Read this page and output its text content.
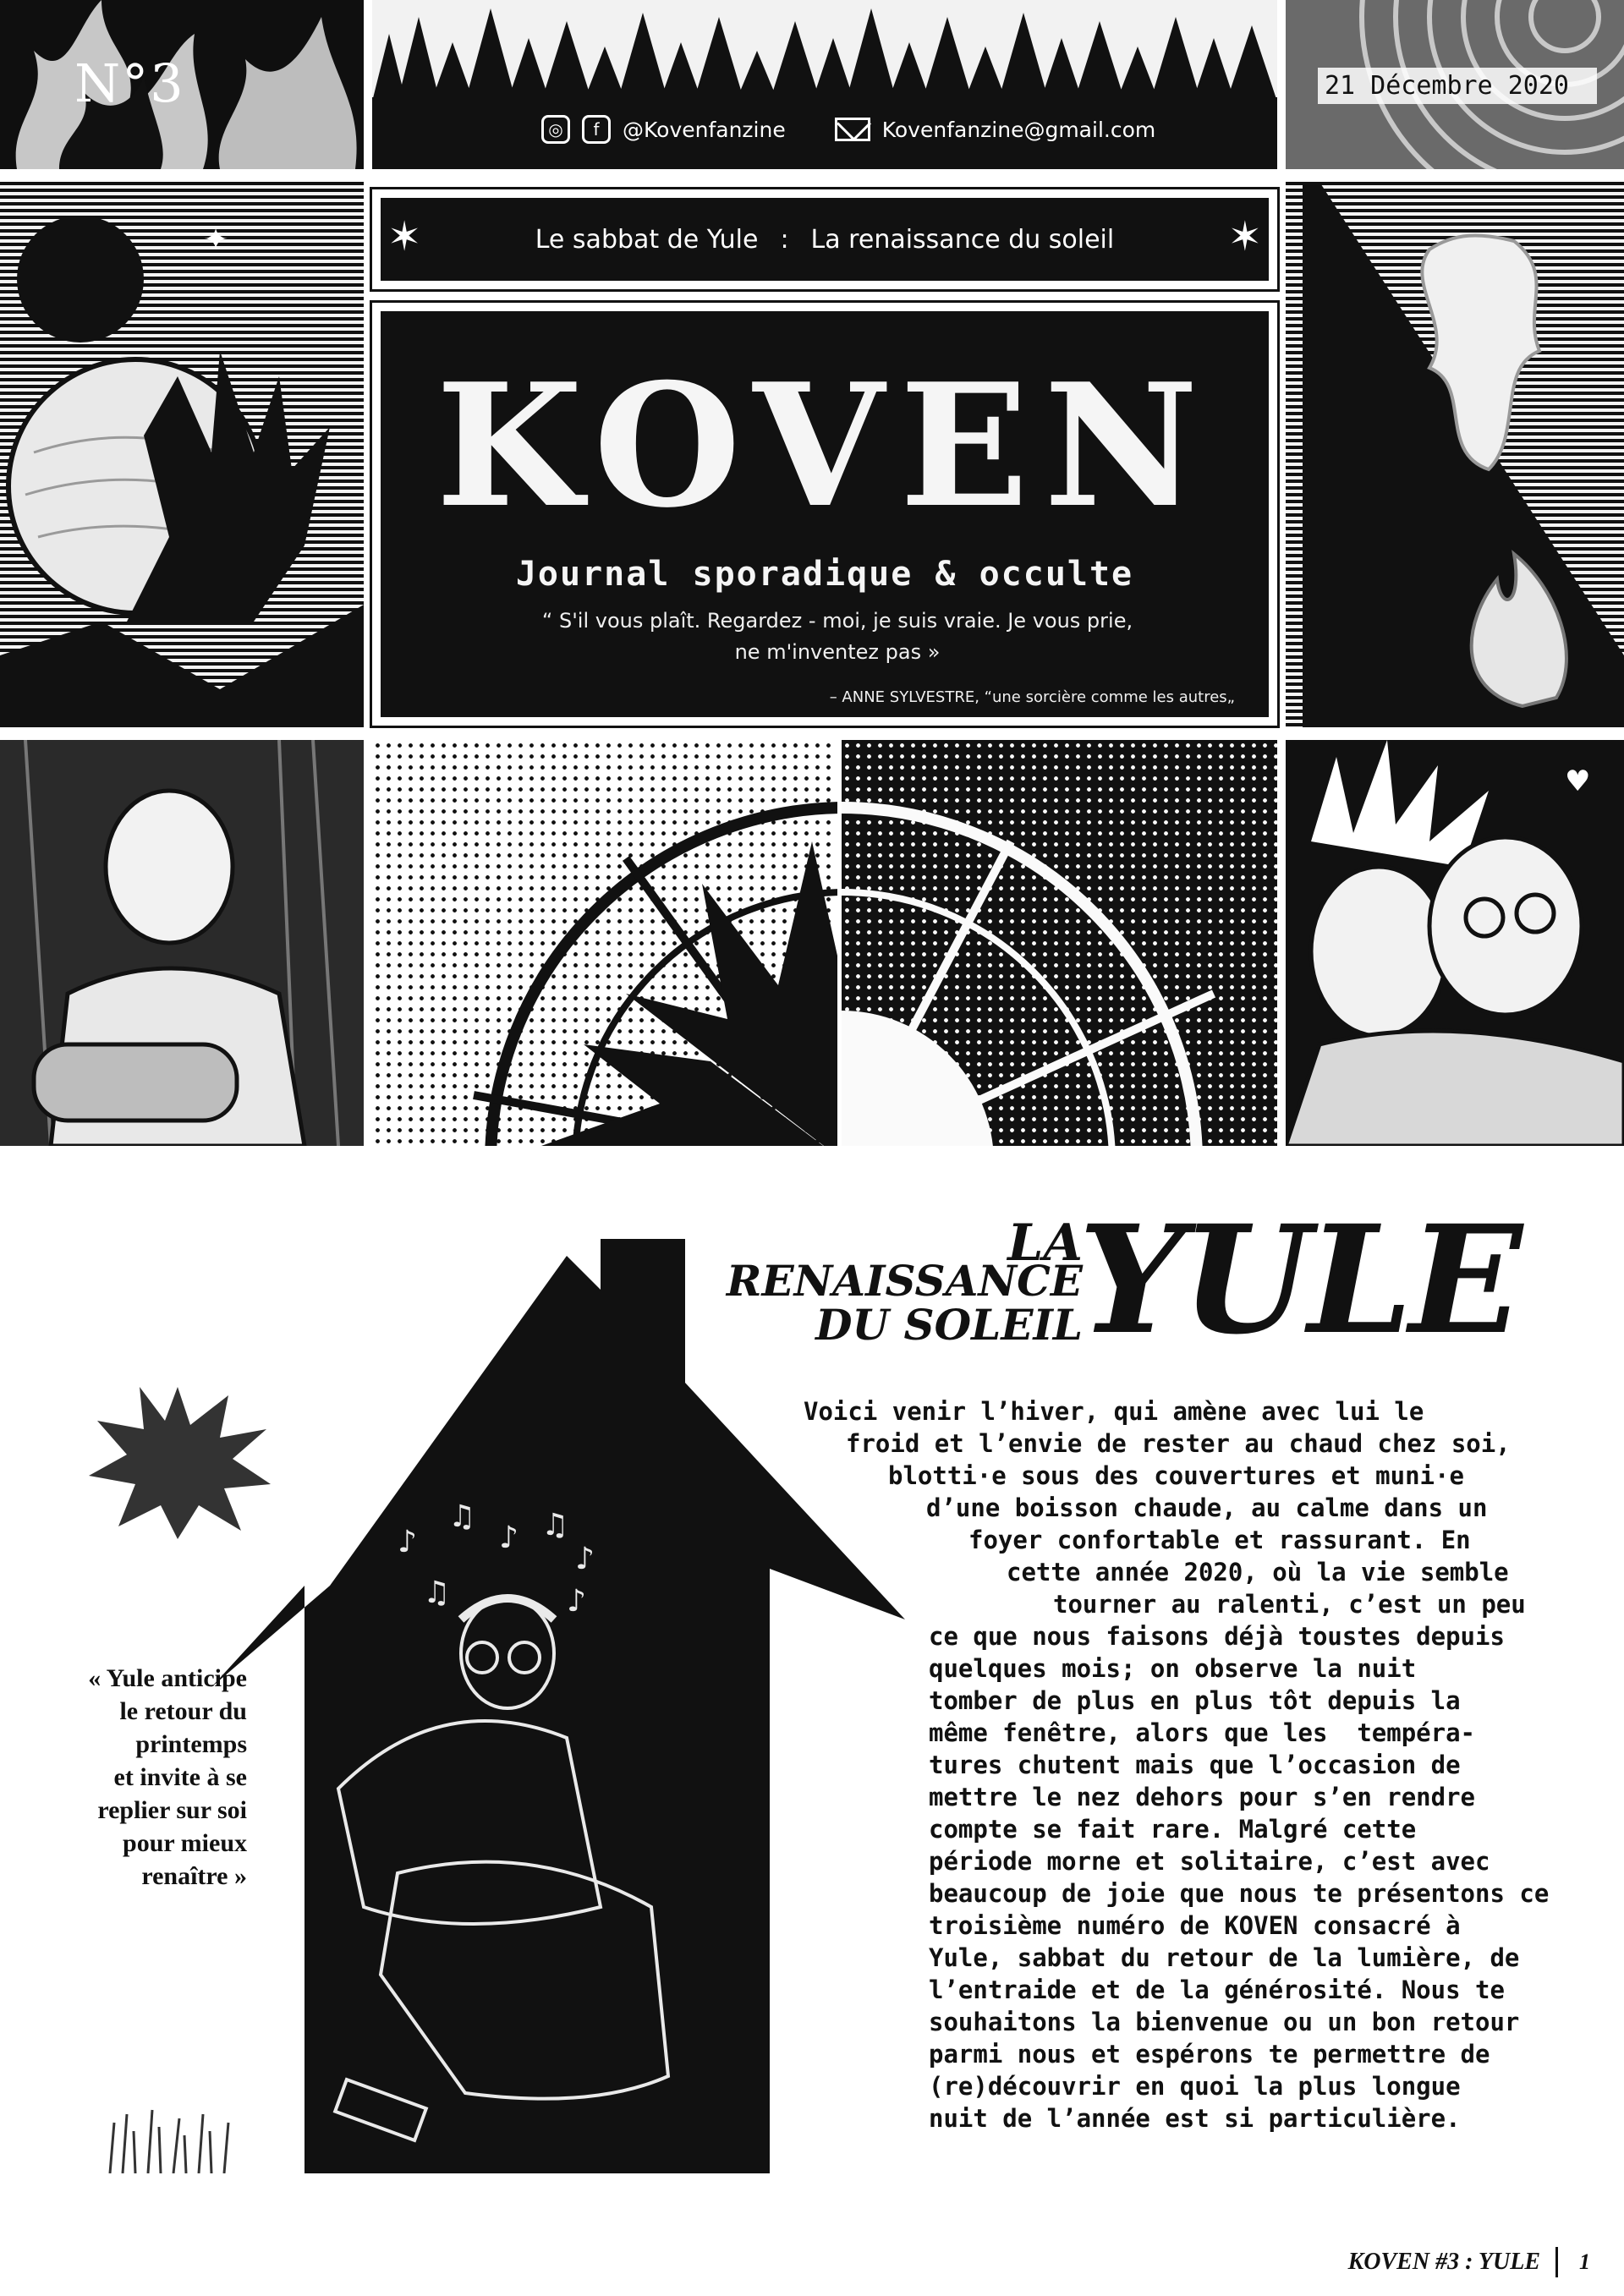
N°3
◎	f	@Kovenfanzine	Kovenfanzine@gmail.com
21 Décembre 2020
✦	✶	Le sabbat de Yule : La renaissance du soleil	✶
KOVEN
Journal sporadique & occulte
“ S'il vous plaît. Regardez - moi, je suis vraie. Je vous prie,
ne m'inventez pas »
– ANNE SYLVESTRE, “une sorcière comme les autres„
♥
♪
♫
♪ ♫
♪
♫	♪
LA
RENAISSANCE
DU SOLEIL
YULE
Voici venir l’hiver, qui amène avec lui le
froid et l’envie de rester au chaud chez soi,
blotti·e sous des couvertures et muni·e
d’une boisson chaude, au calme dans un
foyer confortable et rassurant. En
cette année 2020, où la vie semble
tourner au ralenti, c’est un peu
ce que nous faisons déjà toustes depuis
quelques mois; on observe la nuit
tomber de plus en plus tôt depuis la
même fenêtre, alors que les  tempéra-
tures chutent mais que l’occasion de
mettre le nez dehors pour s’en rendre
compte se fait rare. Malgré cette
période morne et solitaire, c’est avec
beaucoup de joie que nous te présentons ce
troisième numéro de KOVEN consacré à
Yule, sabbat du retour de la lumière, de
l’entraide et de la générosité. Nous te
souhaitons la bienvenue ou un bon retour
parmi nous et espérons te permettre de
(re)découvrir en quoi la plus longue
nuit de l’année est si particulière.
« Yule anticipe
le retour du
printemps
et invite à se
replier sur soi
pour mieux
renaître »
KOVEN #3 : YULE 1
